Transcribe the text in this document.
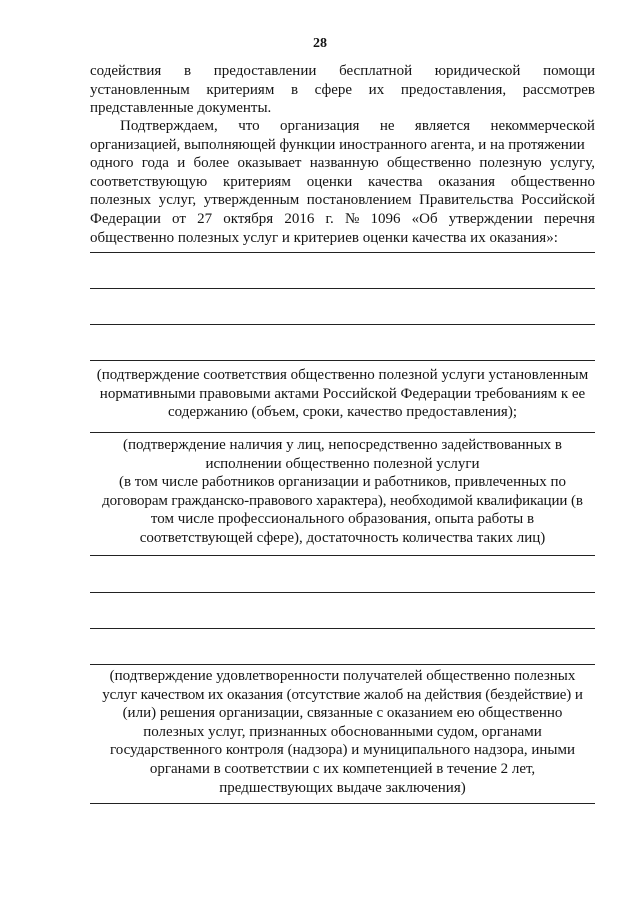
28
содействия в предоставлении бесплатной юридической помощи
установленным критериям в сфере их предоставления, рассмотрев
представленные документы.
Подтверждаем, что организация не является некоммерческой
организацией, выполняющей функции иностранного агента, и на протяжении
одного года и более оказывает названную общественно полезную услугу,
соответствующую критериям оценки качества оказания общественно
полезных услуг, утвержденным постановлением Правительства Российской
Федерации от 27 октября 2016 г. № 1096 «Об утверждении перечня
общественно полезных услуг и критериев оценки качества их оказания»:
(подтверждение соответствия общественно полезной услуги установленным
нормативными правовыми актами Российской Федерации требованиям к ее
содержанию (объем, сроки, качество предоставления);
(подтверждение наличия у лиц, непосредственно задействованных в
исполнении общественно полезной услуги
(в том числе работников организации и работников, привлеченных по
договорам гражданско-правового характера), необходимой квалификации (в
том числе профессионального образования, опыта работы в
соответствующей сфере), достаточность количества таких лиц)
(подтверждение удовлетворенности получателей общественно полезных
услуг качеством их оказания (отсутствие жалоб на действия (бездействие) и
(или) решения организации, связанные с оказанием ею общественно
полезных услуг, признанных обоснованными судом, органами
государственного контроля (надзора) и муниципального надзора, иными
органами в соответствии с их компетенцией в течение 2 лет,
предшествующих выдаче заключения)
